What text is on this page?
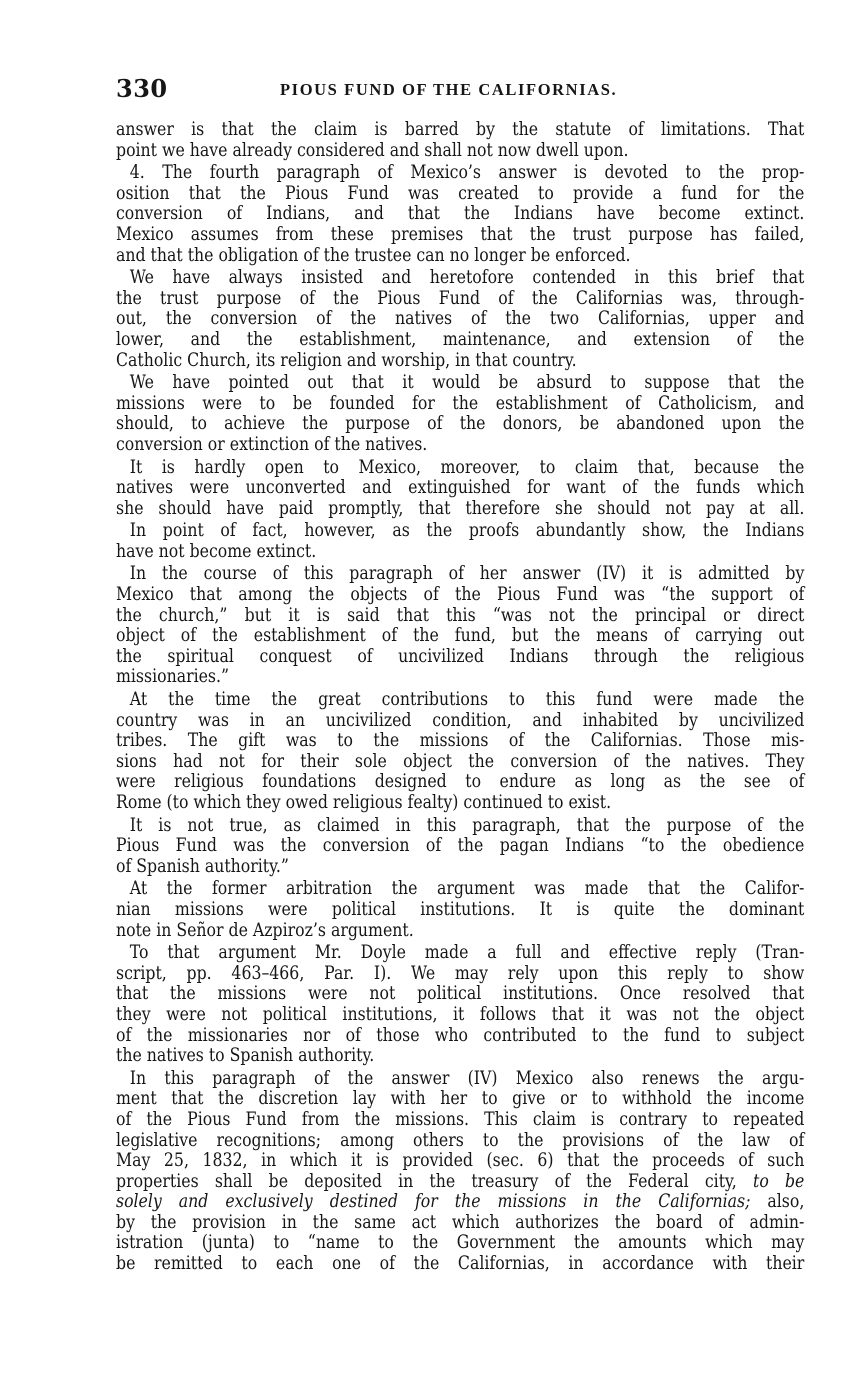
330	PIOUS FUND OF THE CALIFORNIAS.
answer is that the claim is barred by the statute of limitations. That
point we have already considered and shall not now dwell upon.
4. The fourth paragraph of Mexico’s answer is devoted to the prop-
osition that the Pious Fund was created to provide a fund for the
conversion of Indians, and that the Indians have become extinct.
Mexico assumes from these premises that the trust purpose has failed,
and that the obligation of the trustee can no longer be enforced.
We have always insisted and heretofore contended in this brief that
the trust purpose of the Pious Fund of the Californias was, through-
out, the conversion of the natives of the two Californias, upper and
lower, and the establishment, maintenance, and extension of the
Catholic Church, its religion and worship, in that country.
We have pointed out that it would be absurd to suppose that the
missions were to be founded for the establishment of Catholicism, and
should, to achieve the purpose of the donors, be abandoned upon the
conversion or extinction of the natives.
It is hardly open to Mexico, moreover, to claim that, because the
natives were unconverted and extinguished for want of the funds which
she should have paid promptly, that therefore she should not pay at all.
In point of fact, however, as the proofs abundantly show, the Indians
have not become extinct.
In the course of this paragraph of her answer (IV) it is admitted by
Mexico that among the objects of the Pious Fund was “the support of
the church,” but it is said that this “was not the principal or direct
object of the establishment of the fund, but the means of carrying out
the spiritual conquest of uncivilized Indians through the religious
missionaries.”
At the time the great contributions to this fund were made the
country was in an uncivilized condition, and inhabited by uncivilized
tribes. The gift was to the missions of the Californias. Those mis-
sions had not for their sole object the conversion of the natives. They
were religious foundations designed to endure as long as the see of
Rome (to which they owed religious fealty) continued to exist.
It is not true, as claimed in this paragraph, that the purpose of the
Pious Fund was the conversion of the pagan Indians “to the obedience
of Spanish authority.”
At the former arbitration the argument was made that the Califor-
nian missions were political institutions. It is quite the dominant
note in Señor de Azpiroz’s argument.
To that argument Mr. Doyle made a full and effective reply (Tran-
script, pp. 463–466, Par. I). We may rely upon this reply to show
that the missions were not political institutions. Once resolved that
they were not political institutions, it follows that it was not the object
of the missionaries nor of those who contributed to the fund to subject
the natives to Spanish authority.
In this paragraph of the answer (IV) Mexico also renews the argu-
ment that the discretion lay with her to give or to withhold the income
of the Pious Fund from the missions. This claim is contrary to repeated
legislative recognitions; among others to the provisions of the law of
May 25, 1832, in which it is provided (sec. 6) that the proceeds of such
properties shall be deposited in the treasury of the Federal city, to be
solely and exclusively destined for the missions in the Californias; also,
by the provision in the same act which authorizes the board of admin-
istration (junta) to “name to the Government the amounts which may
be remitted to each one of the Californias, in accordance with their
